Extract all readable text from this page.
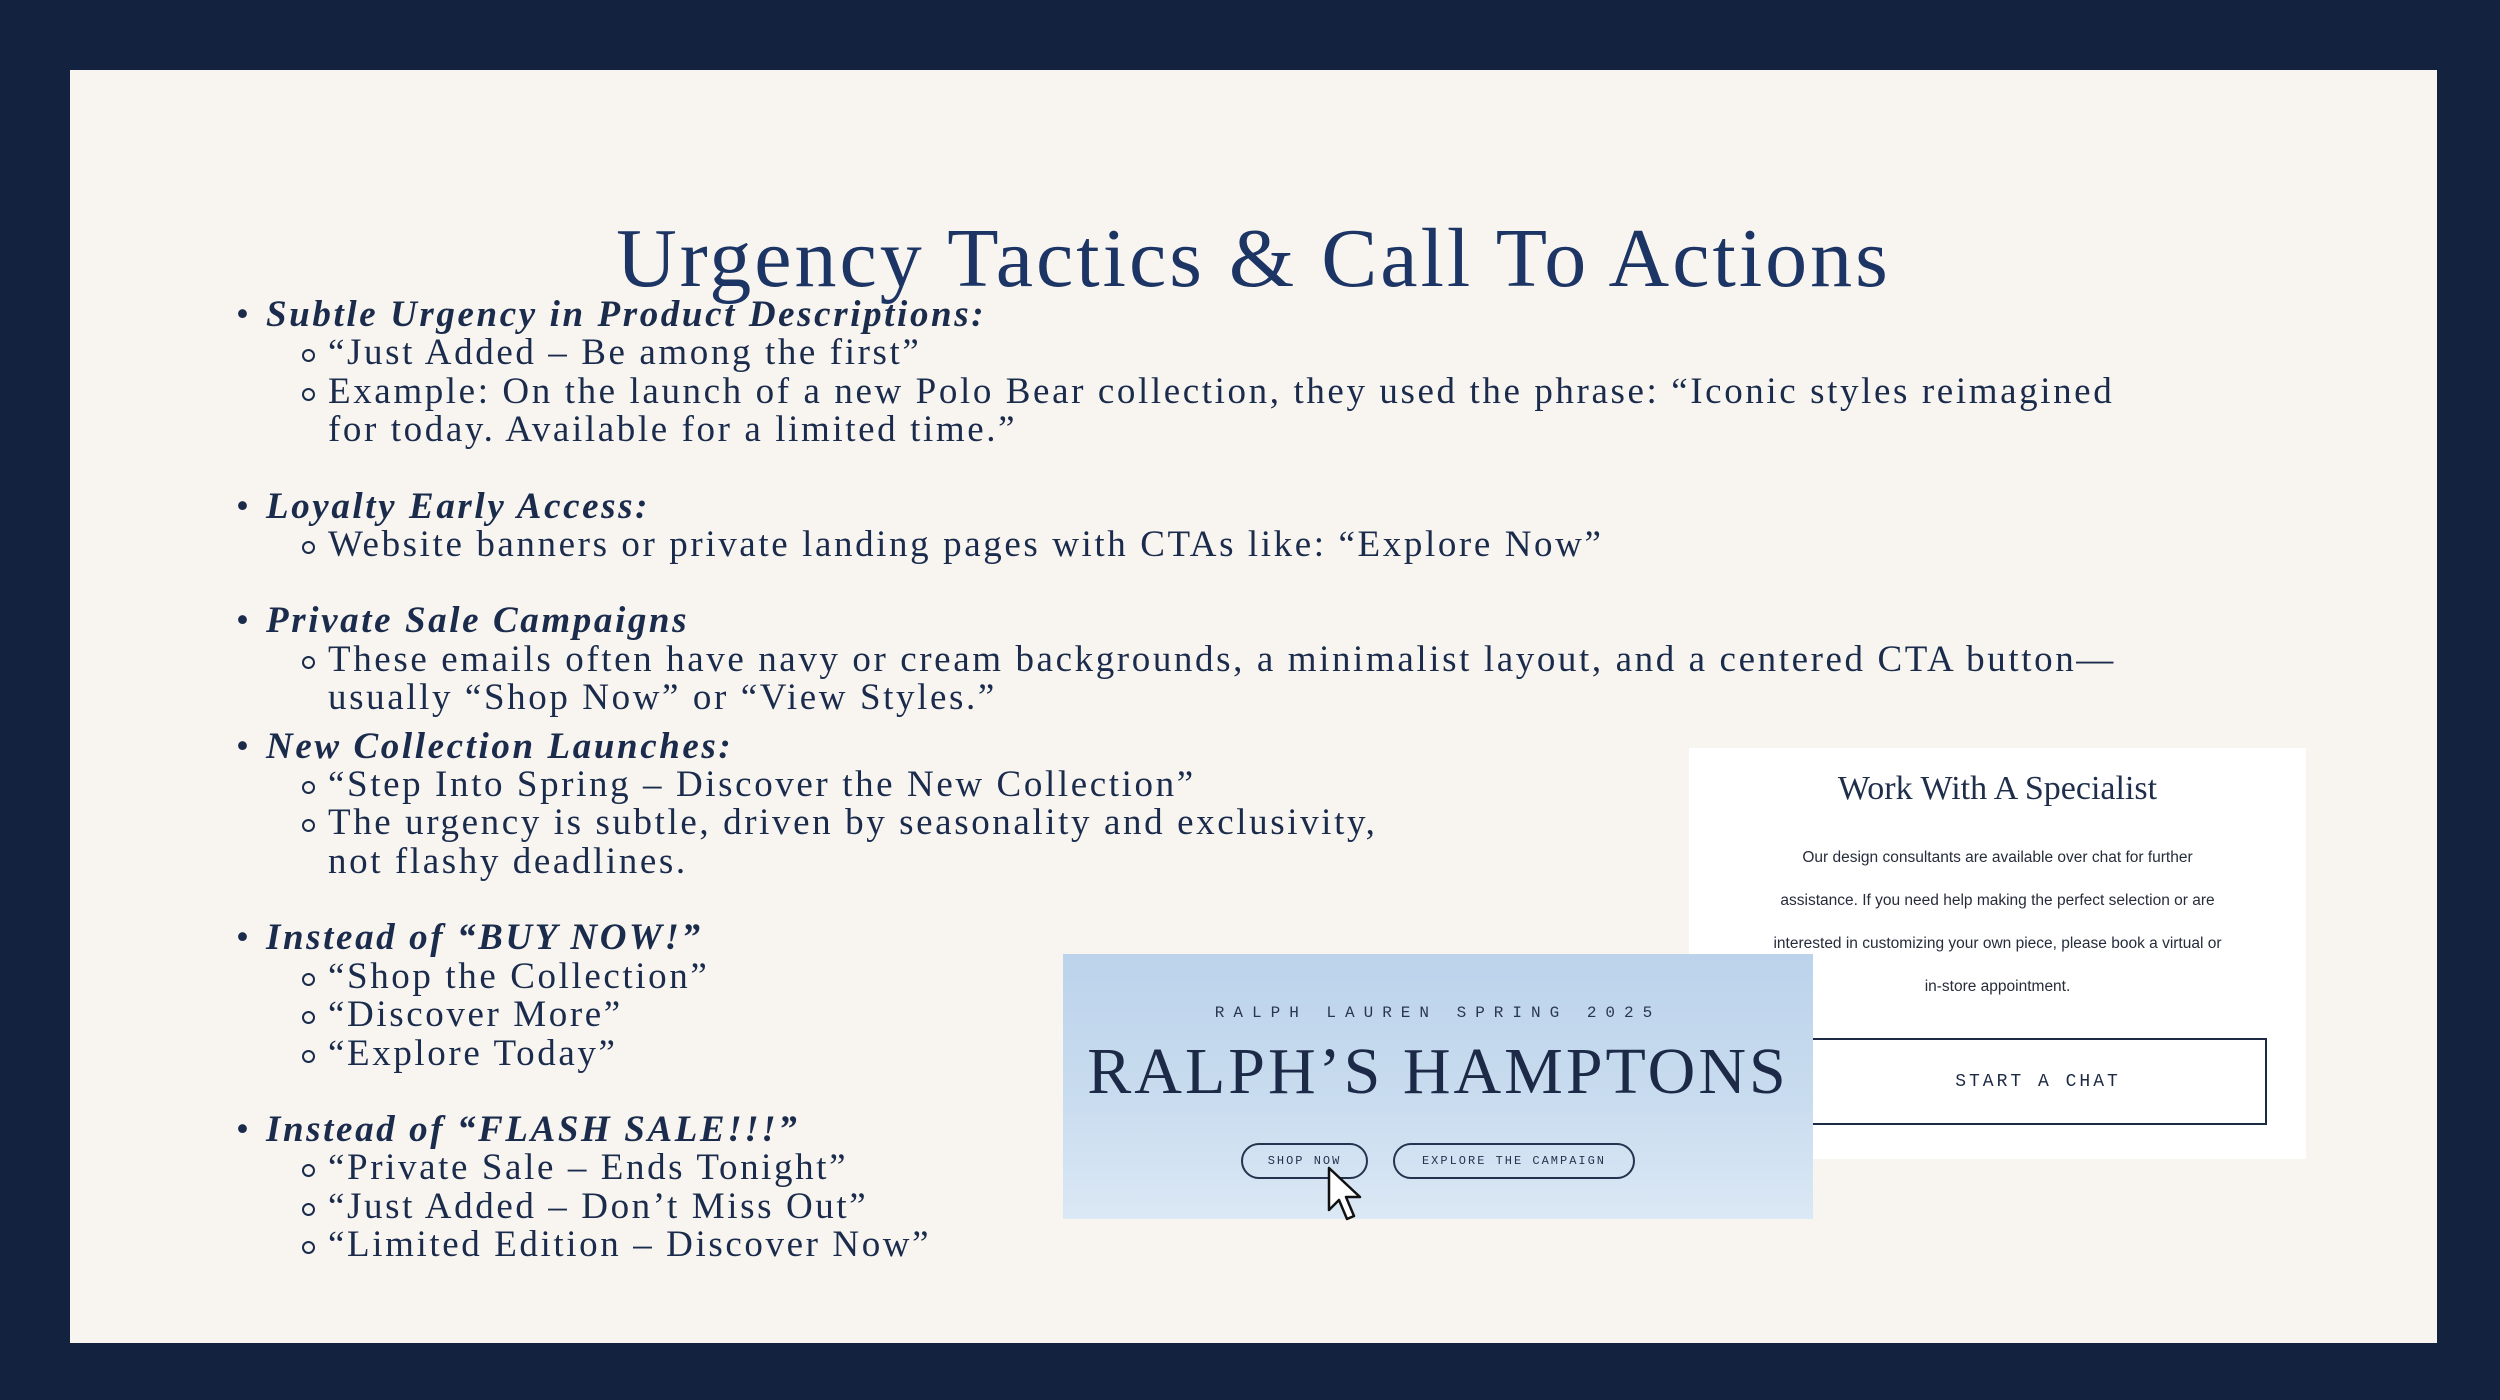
Urgency Tactics & Call To Actions
• Subtle Urgency in Product Descriptions:
“Just Added – Be among the first”
Example: On the launch of a new Polo Bear collection, they used the phrase: “Iconic styles reimagined
for today. Available for a limited time.”
• Loyalty Early Access:
Website banners or private landing pages with CTAs like: “Explore Now”
• Private Sale Campaigns
These emails often have navy or cream backgrounds, a minimalist layout, and a centered CTA button—
usually “Shop Now” or “View Styles.”
• New Collection Launches:
“Step Into Spring – Discover the New Collection”
The urgency is subtle, driven by seasonality and exclusivity,
not flashy deadlines.
• Instead of “BUY NOW!”
“Shop the Collection”
“Discover More”
“Explore Today”
• Instead of “FLASH SALE!!!”
“Private Sale – Ends Tonight”
“Just Added – Don’t Miss Out”
“Limited Edition – Discover Now”
Work With A Specialist
Our design consultants are available over chat for further
assistance. If you need help making the perfect selection or are
interested in customizing your own piece, please book a virtual or
in-store appointment.
START A CHAT
RALPH LAUREN SPRING 2025
RALPH’S HAMPTONS
SHOP NOW	EXPLORE THE CAMPAIGN
